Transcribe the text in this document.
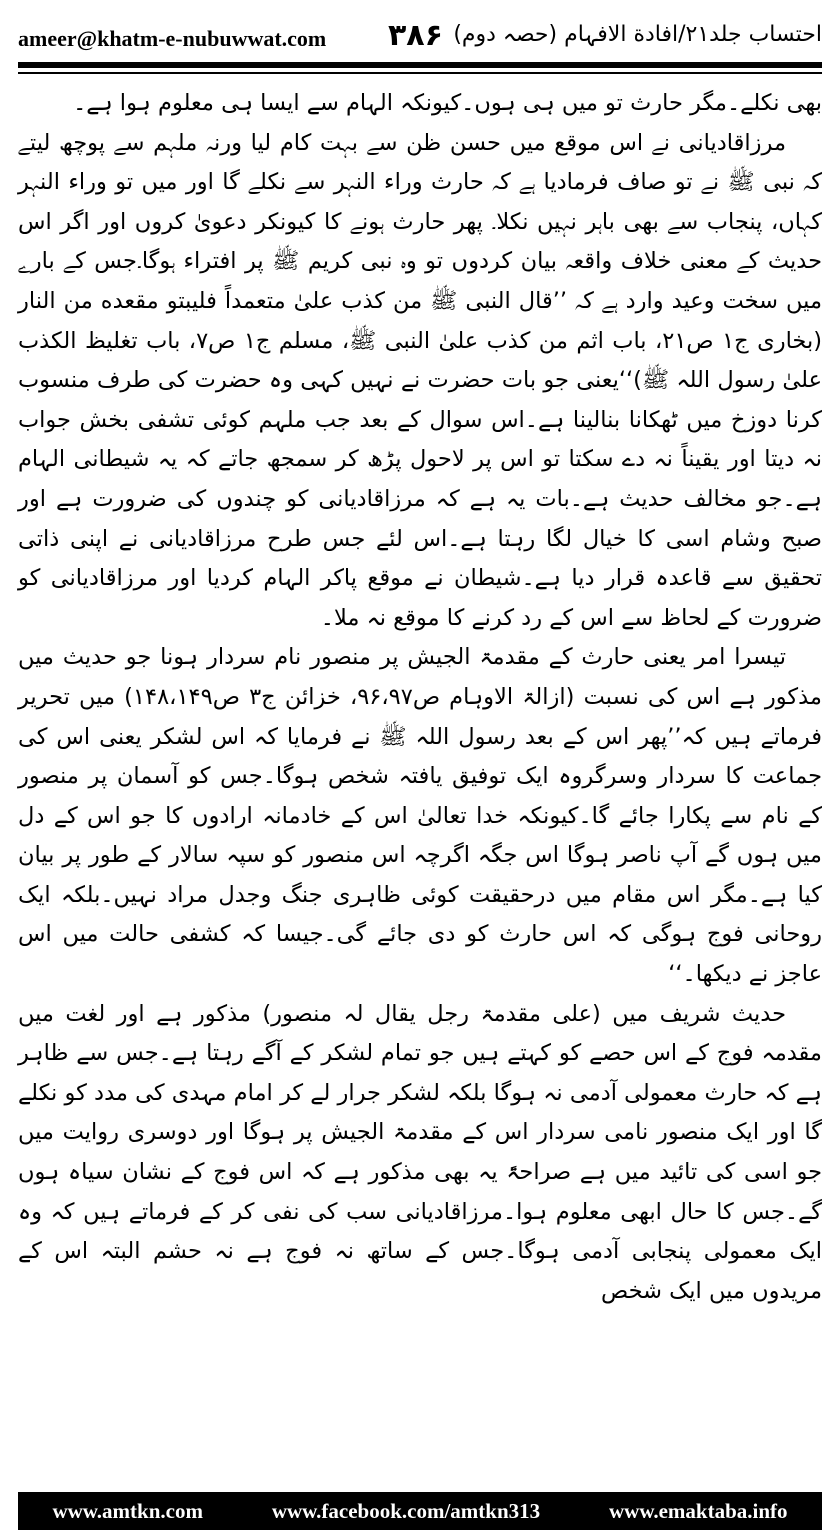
ameer@khatm-e-nubuwwat.com ۳۸۶ احتساب جلد۲۱/افادة الافہام (حصہ دوم)

بھی نکلے۔مگر حارث تو میں ہی ہوں۔کیونکہ الہام سے ایسا ہی معلوم ہوا ہے۔

مرزاقادیانی نے اس موقع میں حسن ظن سے بہت کام لیا ورنہ ملہم سے پوچھ لیتے کہ نبی ﷺ نے تو صاف فرمادیا ہے کہ حارث وراء النہر سے نکلے گا اور میں تو وراء النہر کہاں، پنجاب سے بھی باہر نہیں نکلا۔ پھر حارث ہونے کا کیونکر دعویٰ کروں اور اگر اس حدیث کے معنی خلاف واقعہ بیان کردوں تو وہ نبی کریم ﷺ پر افتراء ہوگا۔جس کے بارے میں سخت وعید وارد ہے کہ ’’قال النبی ﷺ من کذب علیٰ متعمداً فلیبتو مقعده من النار (بخاری ج۱ ص۲۱، باب اثم من کذب علیٰ النبی ﷺ، مسلم ج۱ ص۷، باب تغلیظ الکذب علیٰ رسول اللہ ﷺ)‘‘یعنی جو بات حضرت نے نہیں کہی وہ حضرت کی طرف منسوب کرنا دوزخ میں ٹھکانا بنالینا ہے۔اس سوال کے بعد جب ملہم کوئی تشفی بخش جواب نہ دیتا اور یقیناً نہ دے سکتا تو اس پر لاحول پڑھ کر سمجھ جاتے کہ یہ شیطانی الہام ہے۔جو مخالف حدیث ہے۔بات یہ ہے کہ مرزاقادیانی کو چندوں کی ضرورت ہے اور صبح وشام اسی کا خیال لگا رہتا ہے۔اس لئے جس طرح مرزاقادیانی نے اپنی ذاتی تحقیق سے قاعدہ قرار دیا ہے۔شیطان نے موقع پاکر الہام کردیا اور مرزاقادیانی کو ضرورت کے لحاظ سے اس کے رد کرنے کا موقع نہ ملا۔

تیسرا امر یعنی حارث کے مقدمۃ الجیش پر منصور نام سردار ہونا جو حدیث میں مذکور ہے اس کی نسبت (ازالۃ الاوہام ص۹۶،۹۷، خزائن ج۳ ص۱۴۸،۱۴۹) میں تحریر فرماتے ہیں کہ’’پھر اس کے بعد رسول اللہ ﷺ نے فرمایا کہ اس لشکر یعنی اس کی جماعت کا سردار وسرگروہ ایک توفیق یافتہ شخص ہوگا۔جس کو آسمان پر منصور کے نام سے پکارا جائے گا۔کیونکہ خدا تعالیٰ اس کے خادمانہ ارادوں کا جو اس کے دل میں ہوں گے آپ ناصر ہوگا اس جگہ اگرچہ اس منصور کو سپہ سالار کے طور پر بیان کیا ہے۔مگر اس مقام میں درحقیقت کوئی ظاہری جنگ وجدل مراد نہیں۔بلکہ ایک روحانی فوج ہوگی کہ اس حارث کو دی جائے گی۔جیسا کہ کشفی حالت میں اس عاجز نے دیکھا۔‘‘

حدیث شریف میں (علی مقدمۃ رجل یقال لہ منصور) مذکور ہے اور لغت میں مقدمہ فوج کے اس حصے کو کہتے ہیں جو تمام لشکر کے آگے رہتا ہے۔جس سے ظاہر ہے کہ حارث معمولی آدمی نہ ہوگا بلکہ لشکر جرار لے کر امام مہدی کی مدد کو نکلے گا اور ایک منصور نامی سردار اس کے مقدمۃ الجیش پر ہوگا اور دوسری روایت میں جو اسی کی تائید میں ہے صراحۃً یہ بھی مذکور ہے کہ اس فوج کے نشان سیاہ ہوں گے۔جس کا حال ابھی معلوم ہوا۔مرزاقادیانی سب کی نفی کر کے فرماتے ہیں کہ وہ ایک معمولی پنجابی آدمی ہوگا۔جس کے ساتھ نہ فوج ہے نہ حشم البتہ اس کے مریدوں میں ایک شخص

www.amtkn.com	www.facebook.com/amtkn313	www.emaktaba.info
